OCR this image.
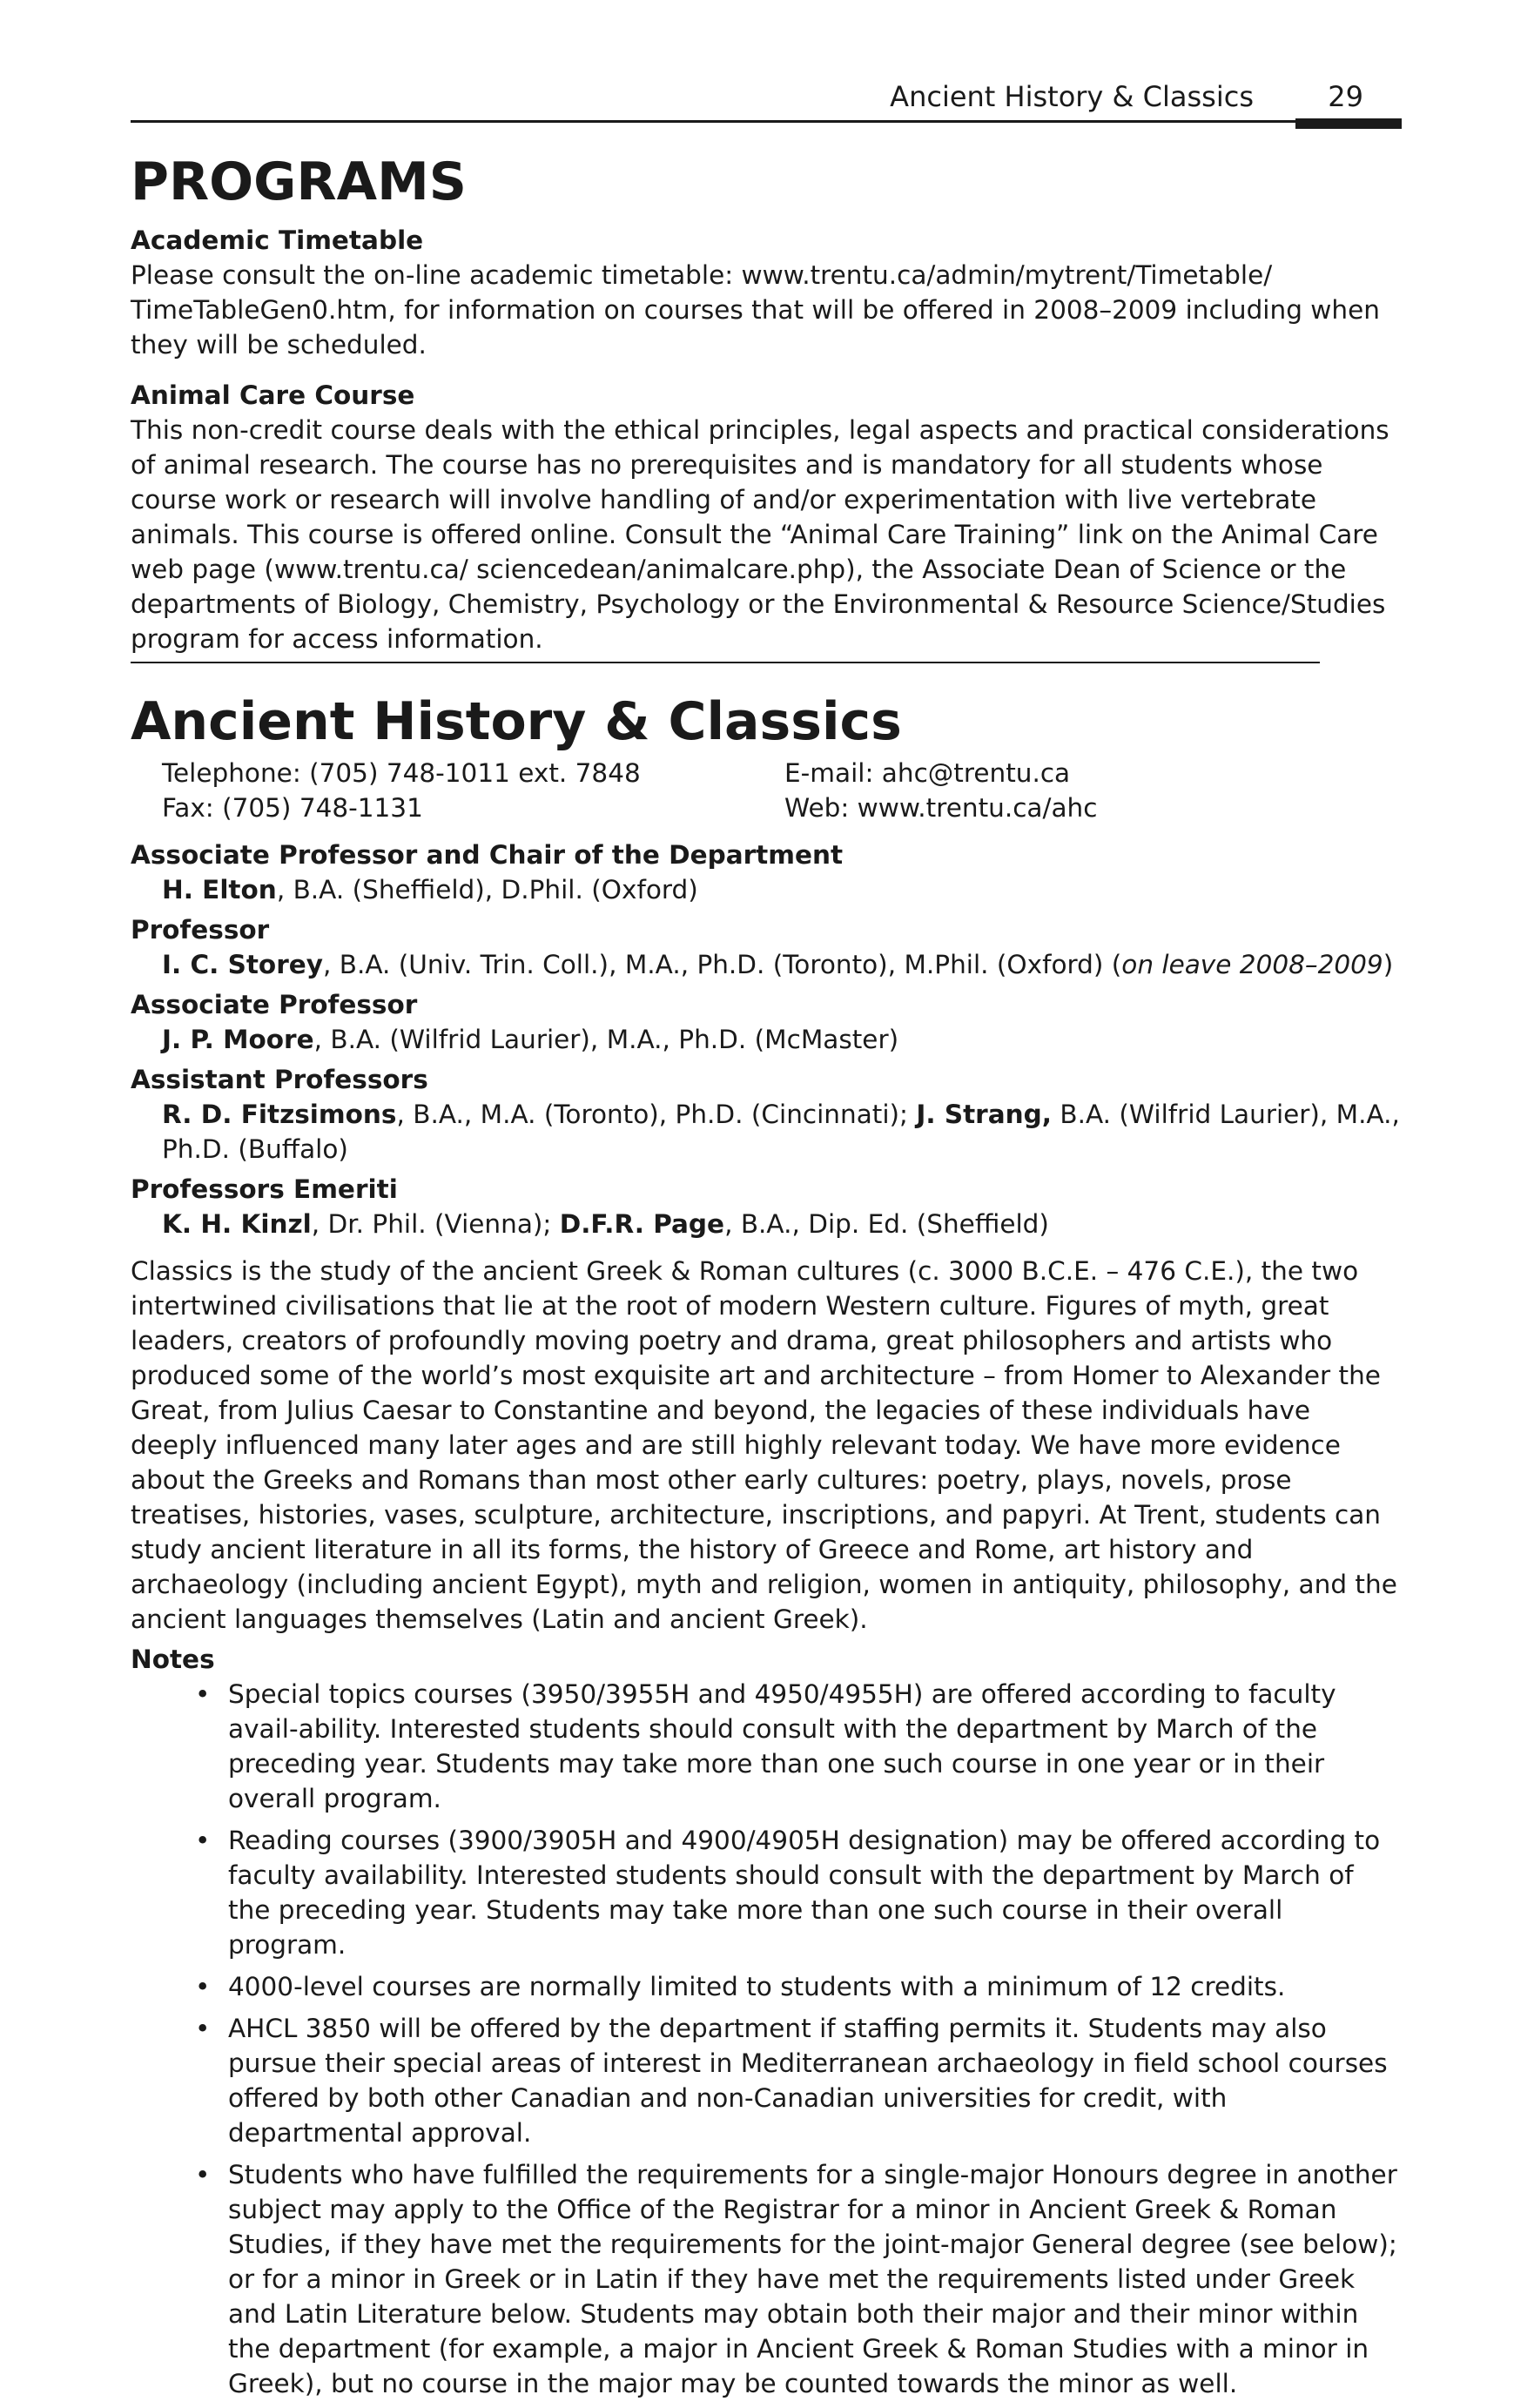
Ancient History & Classics	29
PROGRAMS
Academic Timetable

Please consult the on-line academic timetable: www.trentu.ca/admin/mytrent/Timetable/ TimeTableGen0.htm, for information on courses that will be offered in 2008–2009 including when they will be scheduled.

Animal Care Course

This non-credit course deals with the ethical principles, legal aspects and practical considerations of animal research. The course has no prerequisites and is mandatory for all students whose course work or research will involve handling of and/or experimentation with live vertebrate animals. This course is offered online. Consult the “Animal Care Training” link on the Animal Care web page (www.trentu.ca/ sciencedean/animalcare.php), the Associate Dean of Science or the departments of Biology, Chemistry, Psychology or the Environmental & Resource Science/Studies program for access information.

Ancient History & Classics
Telephone: (705) 748-1011 ext. 7848	E-mail: ahc@trentu.ca
Fax: (705) 748-1131	Web: www.trentu.ca/ahc
Associate Professor and Chair of the Department
H. Elton, B.A. (Sheffield), D.Phil. (Oxford)
Professor
I. C. Storey, B.A. (Univ. Trin. Coll.), M.A., Ph.D. (Toronto), M.Phil. (Oxford) (on leave 2008–2009)
Associate Professor
J. P. Moore, B.A. (Wilfrid Laurier), M.A., Ph.D. (McMaster)
Assistant Professors
R. D. Fitzsimons, B.A., M.A. (Toronto), Ph.D. (Cincinnati); J. Strang, B.A. (Wilfrid Laurier), M.A., Ph.D. (Buffalo)
Professors Emeriti
K. H. Kinzl, Dr. Phil. (Vienna); D.F.R. Page, B.A., Dip. Ed. (Sheffield)

Classics is the study of the ancient Greek & Roman cultures (c. 3000 B.C.E. – 476 C.E.), the two intertwined civilisations that lie at the root of modern Western culture. Figures of myth, great leaders, creators of profoundly moving poetry and drama, great philosophers and artists who produced some of the world’s most exquisite art and architecture – from Homer to Alexander the Great, from Julius Caesar to Constantine and beyond, the legacies of these individuals have deeply influenced many later ages and are still highly relevant today. We have more evidence about the Greeks and Romans than most other early cultures: poetry, plays, novels, prose treatises, histories, vases, sculpture, architecture, inscriptions, and papyri. At Trent, students can study ancient literature in all its forms, the history of Greece and Rome, art history and archaeology (including ancient Egypt), myth and religion, women in antiquity, philosophy, and the ancient languages themselves (Latin and ancient Greek).

Notes
• Special topics courses (3950/3955H and 4950/4955H) are offered according to faculty avail-ability. Interested students should consult with the department by March of the preceding year. Students may take more than one such course in one year or in their overall program.
• Reading courses (3900/3905H and 4900/4905H designation) may be offered according to faculty availability. Interested students should consult with the department by March of the preceding year. Students may take more than one such course in their overall program.
• 4000-level courses are normally limited to students with a minimum of 12 credits.
• AHCL 3850 will be offered by the department if staffing permits it. Students may also pursue their special areas of interest in Mediterranean archaeology in field school courses offered by both other Canadian and non-Canadian universities for credit, with departmental approval.
• Students who have fulfilled the requirements for a single-major Honours degree in another subject may apply to the Office of the Registrar for a minor in Ancient Greek & Roman Studies, if they have met the requirements for the joint-major General degree (see below); or for a minor in Greek or in Latin if they have met the requirements listed under Greek and Latin Literature below. Students may obtain both their major and their minor within the department (for example, a major in Ancient Greek & Roman Studies with a minor in Greek), but no course in the major may be counted towards the minor as well.
